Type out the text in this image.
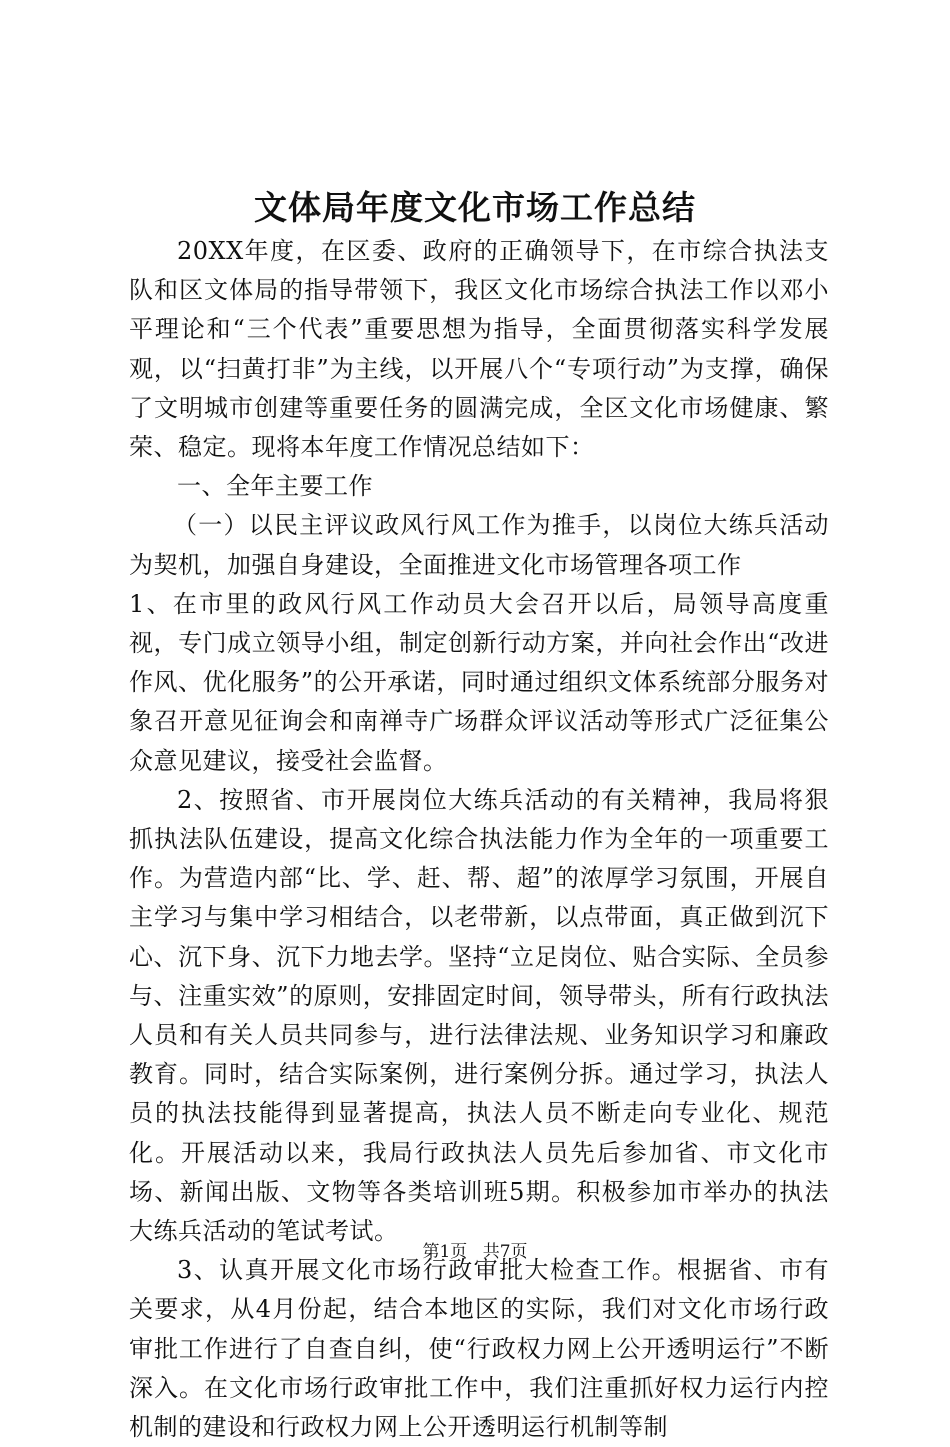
文体局年度文化市场工作总结

20XX年度，在区委、政府的正确领导下，在市综合执法支队和区文体局的指导带领下，我区文化市场综合执法工作以邓小平理论和“三个代表”重要思想为指导，全面贯彻落实科学发展观，以“扫黄打非”为主线，以开展八个“专项行动”为支撑，确保了文明城市创建等重要任务的圆满完成，全区文化市场健康、繁荣、稳定。现将本年度工作情况总结如下：

一、全年主要工作

（一）以民主评议政风行风工作为推手，以岗位大练兵活动为契机，加强自身建设，全面推进文化市场管理各项工作

1、在市里的政风行风工作动员大会召开以后，局领导高度重视，专门成立领导小组，制定创新行动方案，并向社会作出“改进作风、优化服务”的公开承诺，同时通过组织文体系统部分服务对象召开意见征询会和南禅寺广场群众评议活动等形式广泛征集公众意见建议，接受社会监督。

2、按照省、市开展岗位大练兵活动的有关精神，我局将狠抓执法队伍建设，提高文化综合执法能力作为全年的一项重要工作。为营造内部“比、学、赶、帮、超”的浓厚学习氛围，开展自主学习与集中学习相结合，以老带新，以点带面，真正做到沉下心、沉下身、沉下力地去学。坚持“立足岗位、贴合实际、全员参与、注重实效”的原则，安排固定时间，领导带头，所有行政执法人员和有关人员共同参与，进行法律法规、业务知识学习和廉政教育。同时，结合实际案例，进行案例分拆。通过学习，执法人员的执法技能得到显著提高，执法人员不断走向专业化、规范化。开展活动以来，我局行政执法人员先后参加省、市文化市场、新闻出版、文物等各类培训班5期。积极参加市举办的执法大练兵活动的笔试考试。

3、认真开展文化市场行政审批大检查工作。根据省、市有关要求，从4月份起，结合本地区的实际，我们对文化市场行政审批工作进行了自查自纠，使“行政权力网上公开透明运行”不断深入。在文化市场行政审批工作中，我们注重抓好权力运行内控机制的建设和行政权力网上公开透明运行机制等制

第1页 共7页
